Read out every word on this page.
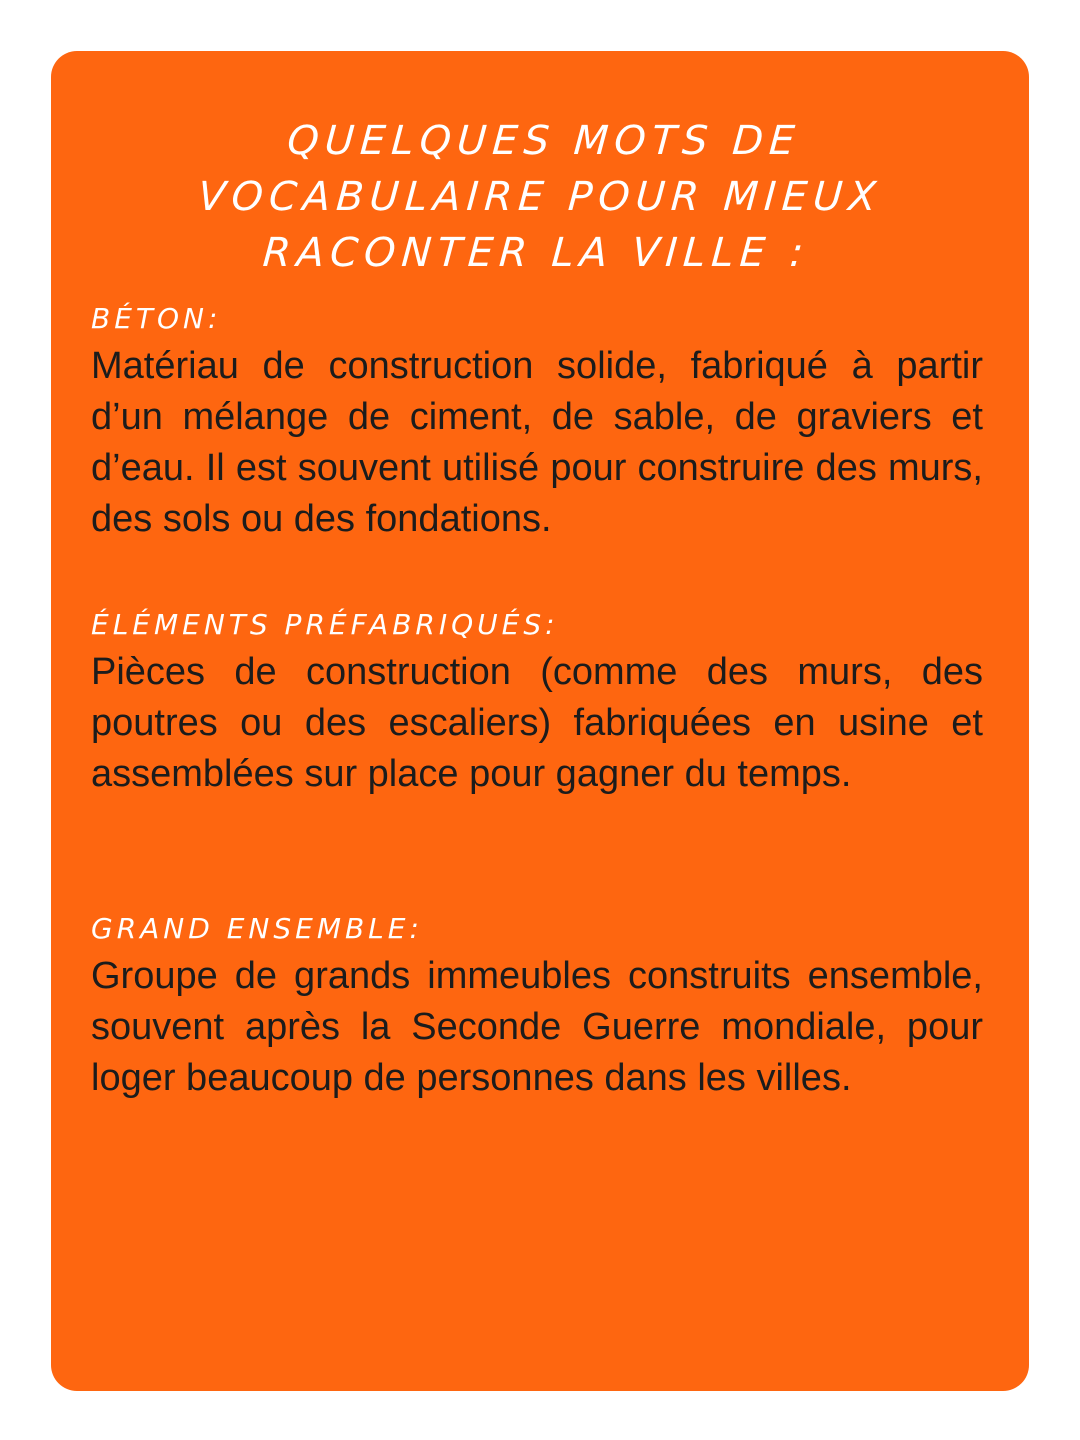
QUELQUES MOTS DE
VOCABULAIRE POUR MIEUX
RACONTER LA VILLE :
BÉTON:

Matériau de construction solide, fabriqué à partir d’un mélange de ciment, de sable, de graviers et d’eau. Il est souvent utilisé pour construire des murs, des sols ou des fondations.

ÉLÉMENTS PRÉFABRIQUÉS:

Pièces de construction (comme des murs, des poutres ou des escaliers) fabriquées en usine et assemblées sur place pour gagner du temps.

GRAND ENSEMBLE:

Groupe de grands immeubles construits ensemble, souvent après la Seconde Guerre mondiale, pour loger beaucoup de personnes dans les villes.
